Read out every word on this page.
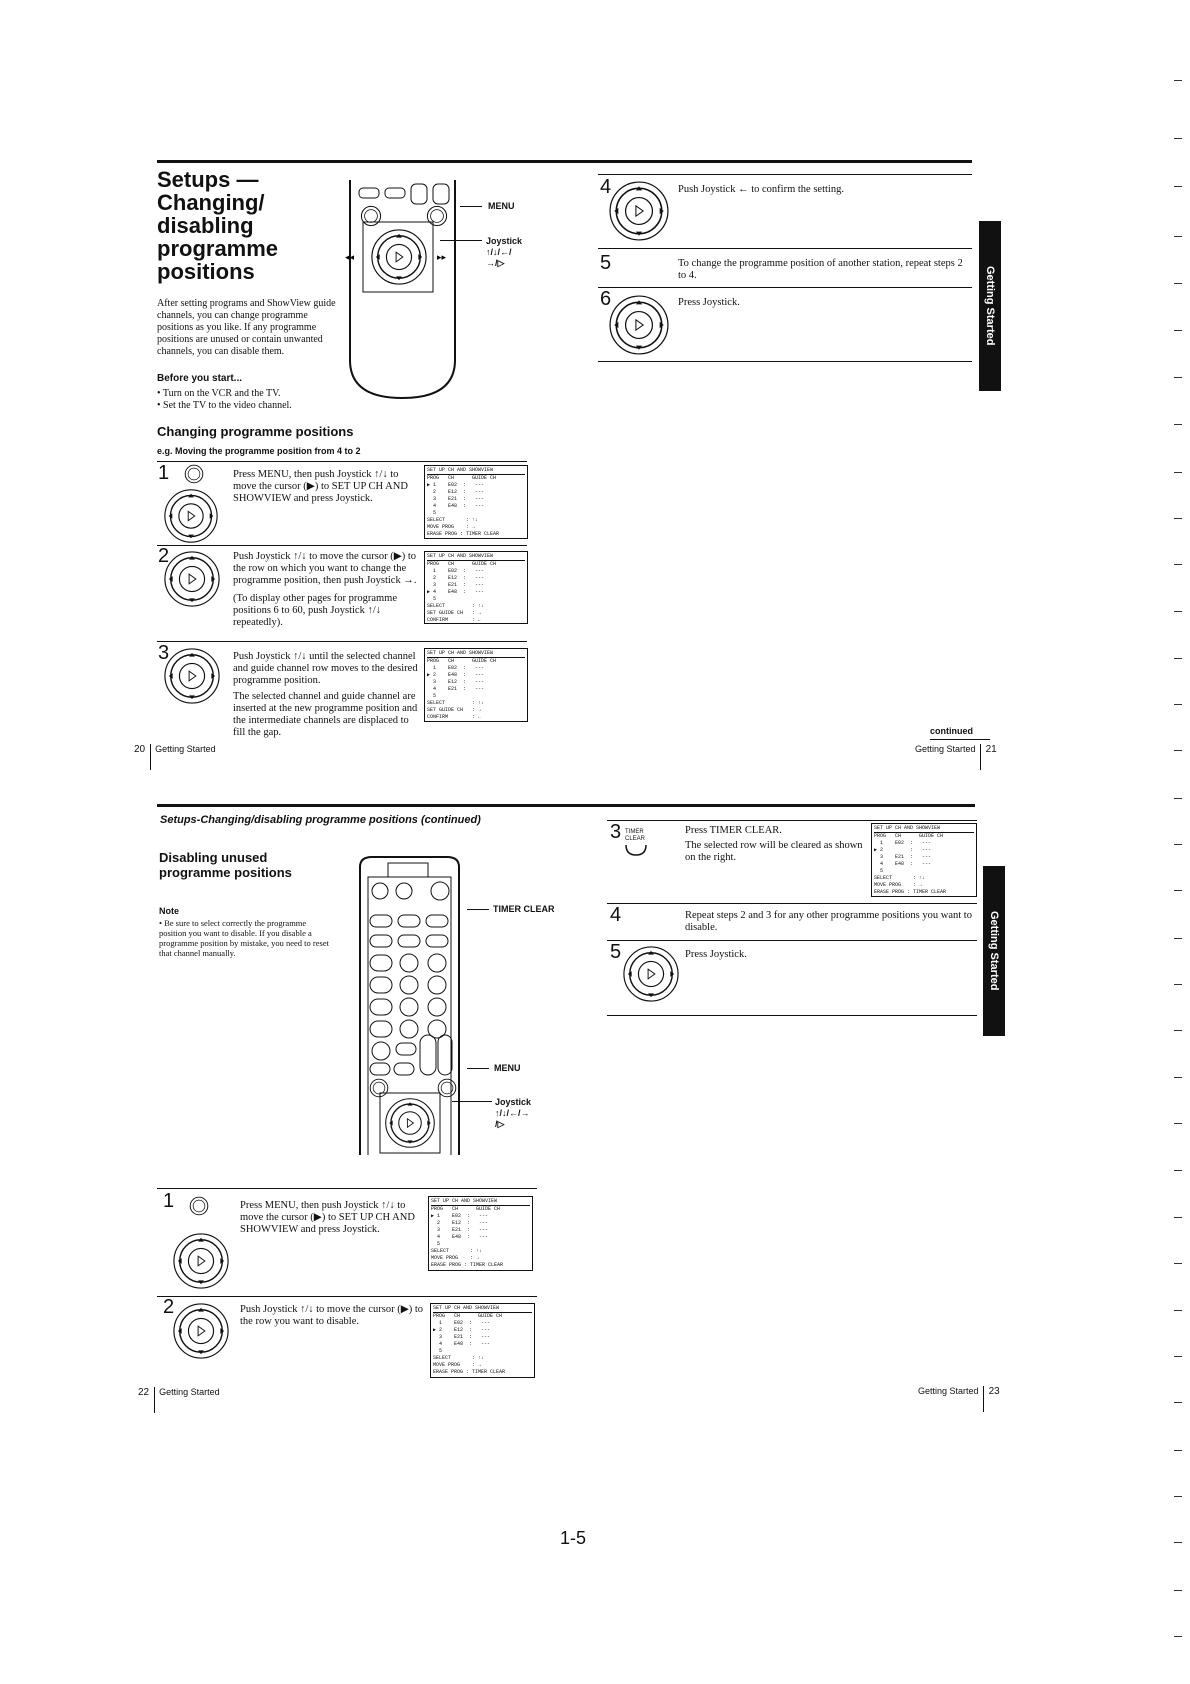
Setups —
Changing/
disabling
programme
positions
After setting programs and ShowView guide channels, you can change programme positions as you like. If any programme positions are unused or contain unwanted channels, you can disable them.
Before you start...
• Turn on the VCR and the TV.
• Set the TV to the video channel.
◂◂	▸▸
MENU
Joystick
↑/↓/←/
→/▷
Changing programme positions
e.g. Moving the programme position from 4 to 2
1	Press MENU, then push Joystick ↑/↓ to move the cursor (▶) to SET UP CH AND SHOWVIEW and press Joystick.
SET UP CH AND SHOWVIEW
PROG   CH      GUIDE CH
▶ 1    E02  :   ---
2    E12  :   ---
3    E21  :   ---
4    E48  :   ---
5
SELECT       : ↑↓
MOVE PROG    : →
ERASE PROG : TIMER CLEAR
2	Push Joystick ↑/↓ to move the cursor (▶) to the row on which you want to change the programme position, then push Joystick →.
(To display other pages for programme positions 6 to 60, push Joystick ↑/↓ repeatedly).
SET UP CH AND SHOWVIEW
PROG   CH      GUIDE CH
1    E02  :   ---
2    E12  :   ---
3    E21  :   ---
▶ 4    E48  :   ---
5
SELECT         : ↑↓
SET GUIDE CH   : →
CONFIRM        : ←
3	Push Joystick ↑/↓ until the selected channel and guide channel row moves to the desired programme position.
The selected channel and guide channel are inserted at the new programme position and the intermediate channels are displaced to fill the gap.
SET UP CH AND SHOWVIEW
PROG   CH      GUIDE CH
1    E02  :   ---
▶ 2    E48  :   ---
3    E12  :   ---
4    E21  :   ---
5
SELECT         : ↑↓
SET GUIDE CH   : →
CONFIRM        : ←
4	Push Joystick ← to confirm the setting.
5	To change the programme position of another station, repeat steps 2 to 4.
6	Press Joystick.	Getting Started
continued
20 Getting Started	Getting Started 21
Setups-Changing/disabling programme positions (continued)
Disabling unused
programme positions
Note
• Be sure to select correctly the programme position you want to disable. If you disable a programme position by mistake, you need to reset that channel manually.
TIMER CLEAR
MENU
Joystick
↑/↓/←/→
/▷
1	Press MENU, then push Joystick ↑/↓ to move the cursor (▶) to SET UP CH AND SHOWVIEW and press Joystick.
SET UP CH AND SHOWVIEW
PROG   CH      GUIDE CH
▶ 1    E02  :   ---
2    E12  :   ---
3    E21  :   ---
4    E48  :   ---
5
SELECT       : ↑↓
MOVE PROG    : →
ERASE PROG : TIMER CLEAR
2	Push Joystick ↑/↓ to move the cursor (▶) to the row you want to disable.
SET UP CH AND SHOWVIEW
PROG   CH      GUIDE CH
1    E02  :   ---
▶ 2    E12  :   ---
3    E21  :   ---
4    E48  :   ---
5
SELECT       : ↑↓
MOVE PROG    : →
ERASE PROG : TIMER CLEAR
3 TIMER CLEAR
Press TIMER CLEAR.
The selected row will be cleared as shown on the right.
SET UP CH AND SHOWVIEW
PROG   CH      GUIDE CH
1    E02  :   ---
▶ 2         :   ---
3    E21  :   ---
4    E48  :   ---
5
SELECT       : ↑↓
MOVE PROG    : →
ERASE PROG : TIMER CLEAR
4	Repeat steps 2 and 3 for any other programme positions you want to disable.
5	Press Joystick.	Getting Started
22 Getting Started	Getting Started 23
1-5
